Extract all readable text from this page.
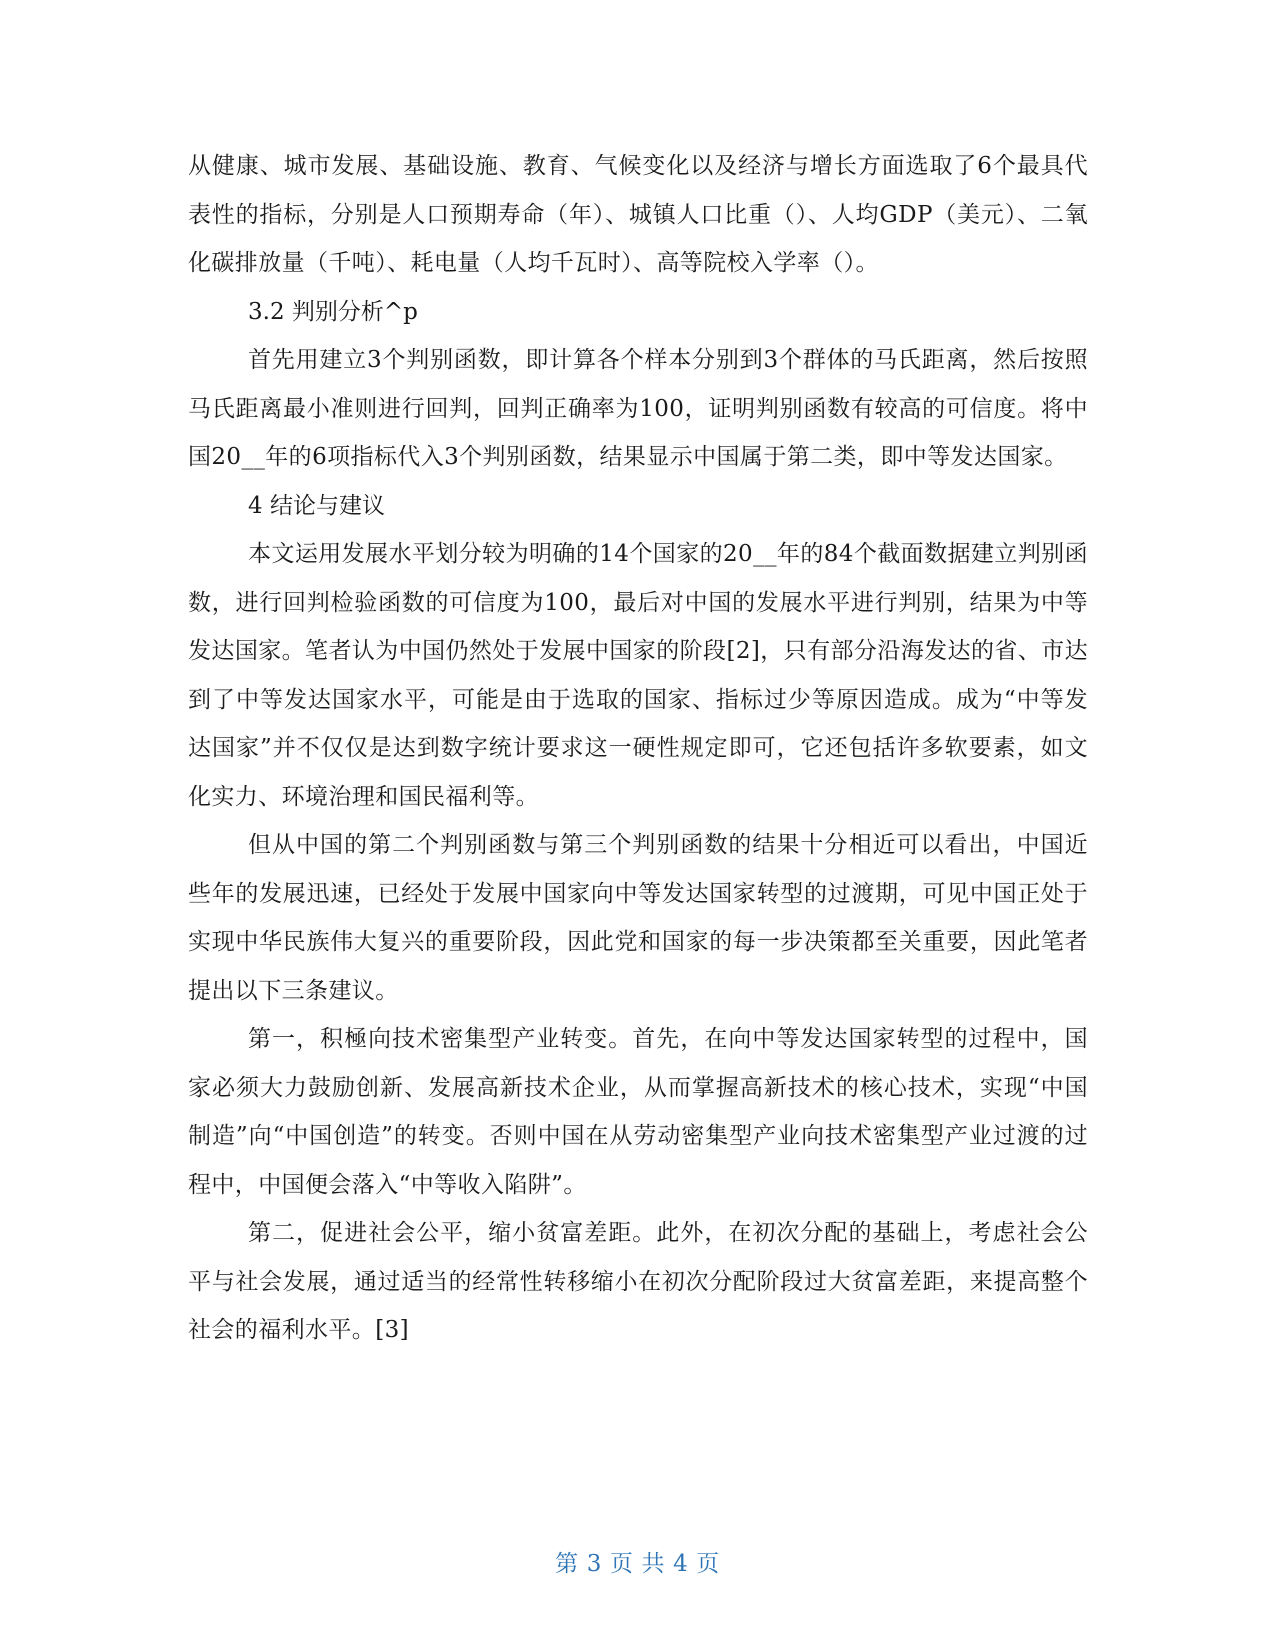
从健康、城市发展、基础设施、教育、气候变化以及经济与增长方面选取了6个最具代表性的指标，分别是人口预期寿命（年）、城镇人口比重（）、人均GDP（美元）、二氧化碳排放量（千吨）、耗电量（人均千瓦时）、高等院校入学率（）。

3.2 判别分析^p

首先用建立3个判别函数，即计算各个样本分别到3个群体的马氏距离，然后按照马氏距离最小准则进行回判，回判正确率为100，证明判别函数有较高的可信度。将中国20__年的6项指标代入3个判别函数，结果显示中国属于第二类，即中等发达国家。

4 结论与建议

本文运用发展水平划分较为明确的14个国家的20__年的84个截面数据建立判别函数，进行回判检验函数的可信度为100，最后对中国的发展水平进行判别，结果为中等发达国家。笔者认为中国仍然处于发展中国家的阶段[2]，只有部分沿海发达的省、市达到了中等发达国家水平，可能是由于选取的国家、指标过少等原因造成。成为“中等发达国家”并不仅仅是达到数字统计要求这一硬性规定即可，它还包括许多软要素，如文化实力、环境治理和国民福利等。

但从中国的第二个判别函数与第三个判别函数的结果十分相近可以看出，中国近些年的发展迅速，已经处于发展中国家向中等发达国家转型的过渡期，可见中国正处于实现中华民族伟大复兴的重要阶段，因此党和国家的每一步决策都至关重要，因此笔者提出以下三条建议。

第一，积極向技术密集型产业转变。首先，在向中等发达国家转型的过程中，国家必须大力鼓励创新、发展高新技术企业，从而掌握高新技术的核心技术，实现“中国制造”向“中国创造”的转变。否则中国在从劳动密集型产业向技术密集型产业过渡的过程中，中国便会落入“中等收入陷阱”。

第二，促进社会公平，缩小贫富差距。此外，在初次分配的基础上，考虑社会公平与社会发展，通过适当的经常性转移缩小在初次分配阶段过大贫富差距，来提高整个社会的福利水平。[3]

第 3 页 共 4 页
